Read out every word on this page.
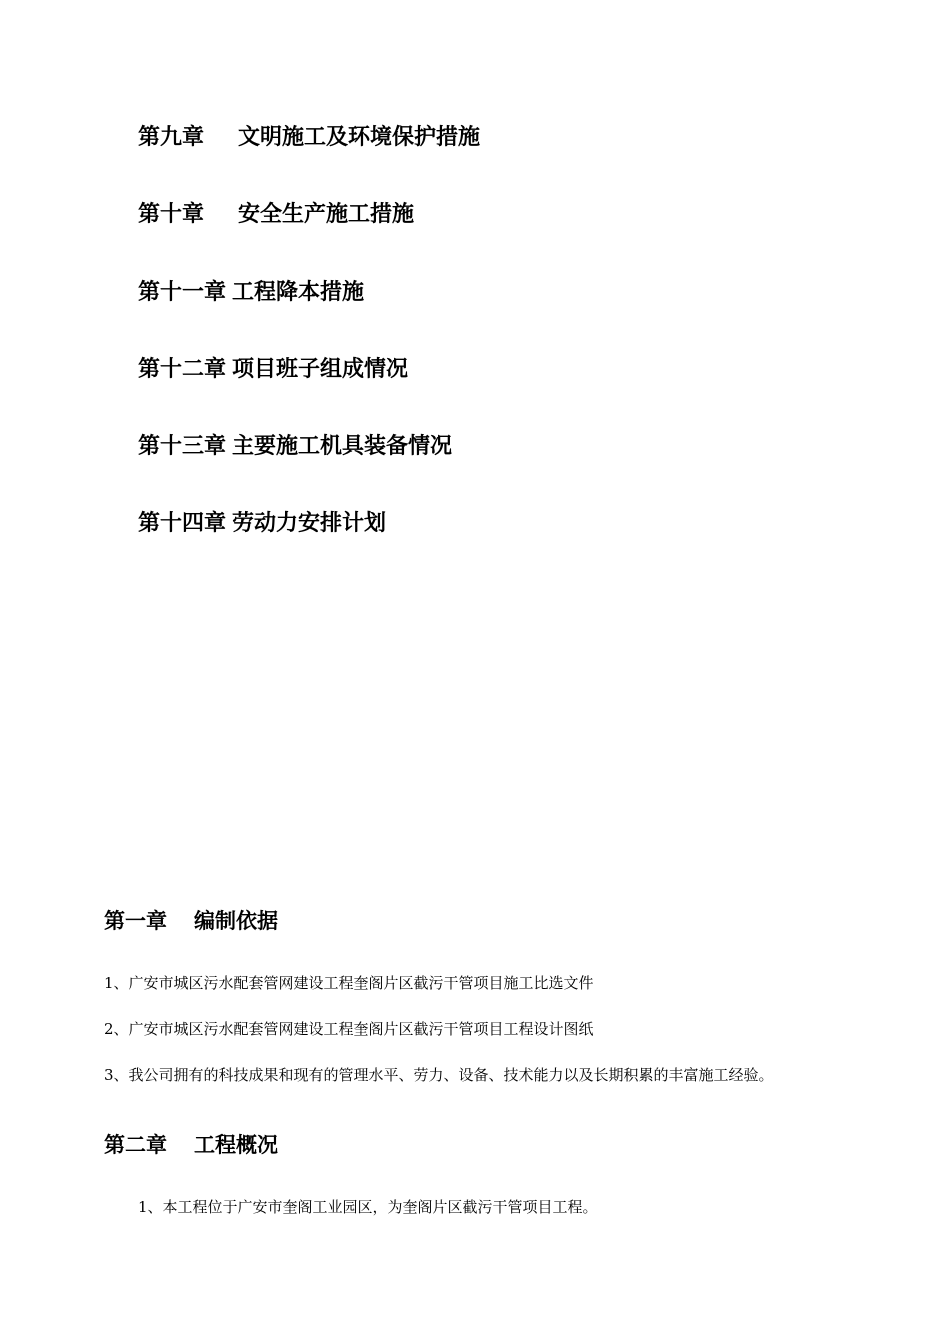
第九章 文明施工及环境保护措施
第十章 安全生产施工措施
第十一章 工程降本措施
第十二章 项目班子组成情况
第十三章 主要施工机具装备情况
第十四章 劳动力安排计划
第一章 编制依据
1、广安市城区污水配套管网建设工程奎阁片区截污干管项目施工比选文件
2、广安市城区污水配套管网建设工程奎阁片区截污干管项目工程设计图纸
3、我公司拥有的科技成果和现有的管理水平、劳力、设备、技术能力以及长期积累的丰富施工经验。
第二章 工程概况
1、本工程位于广安市奎阁工业园区，为奎阁片区截污干管项目工程。
